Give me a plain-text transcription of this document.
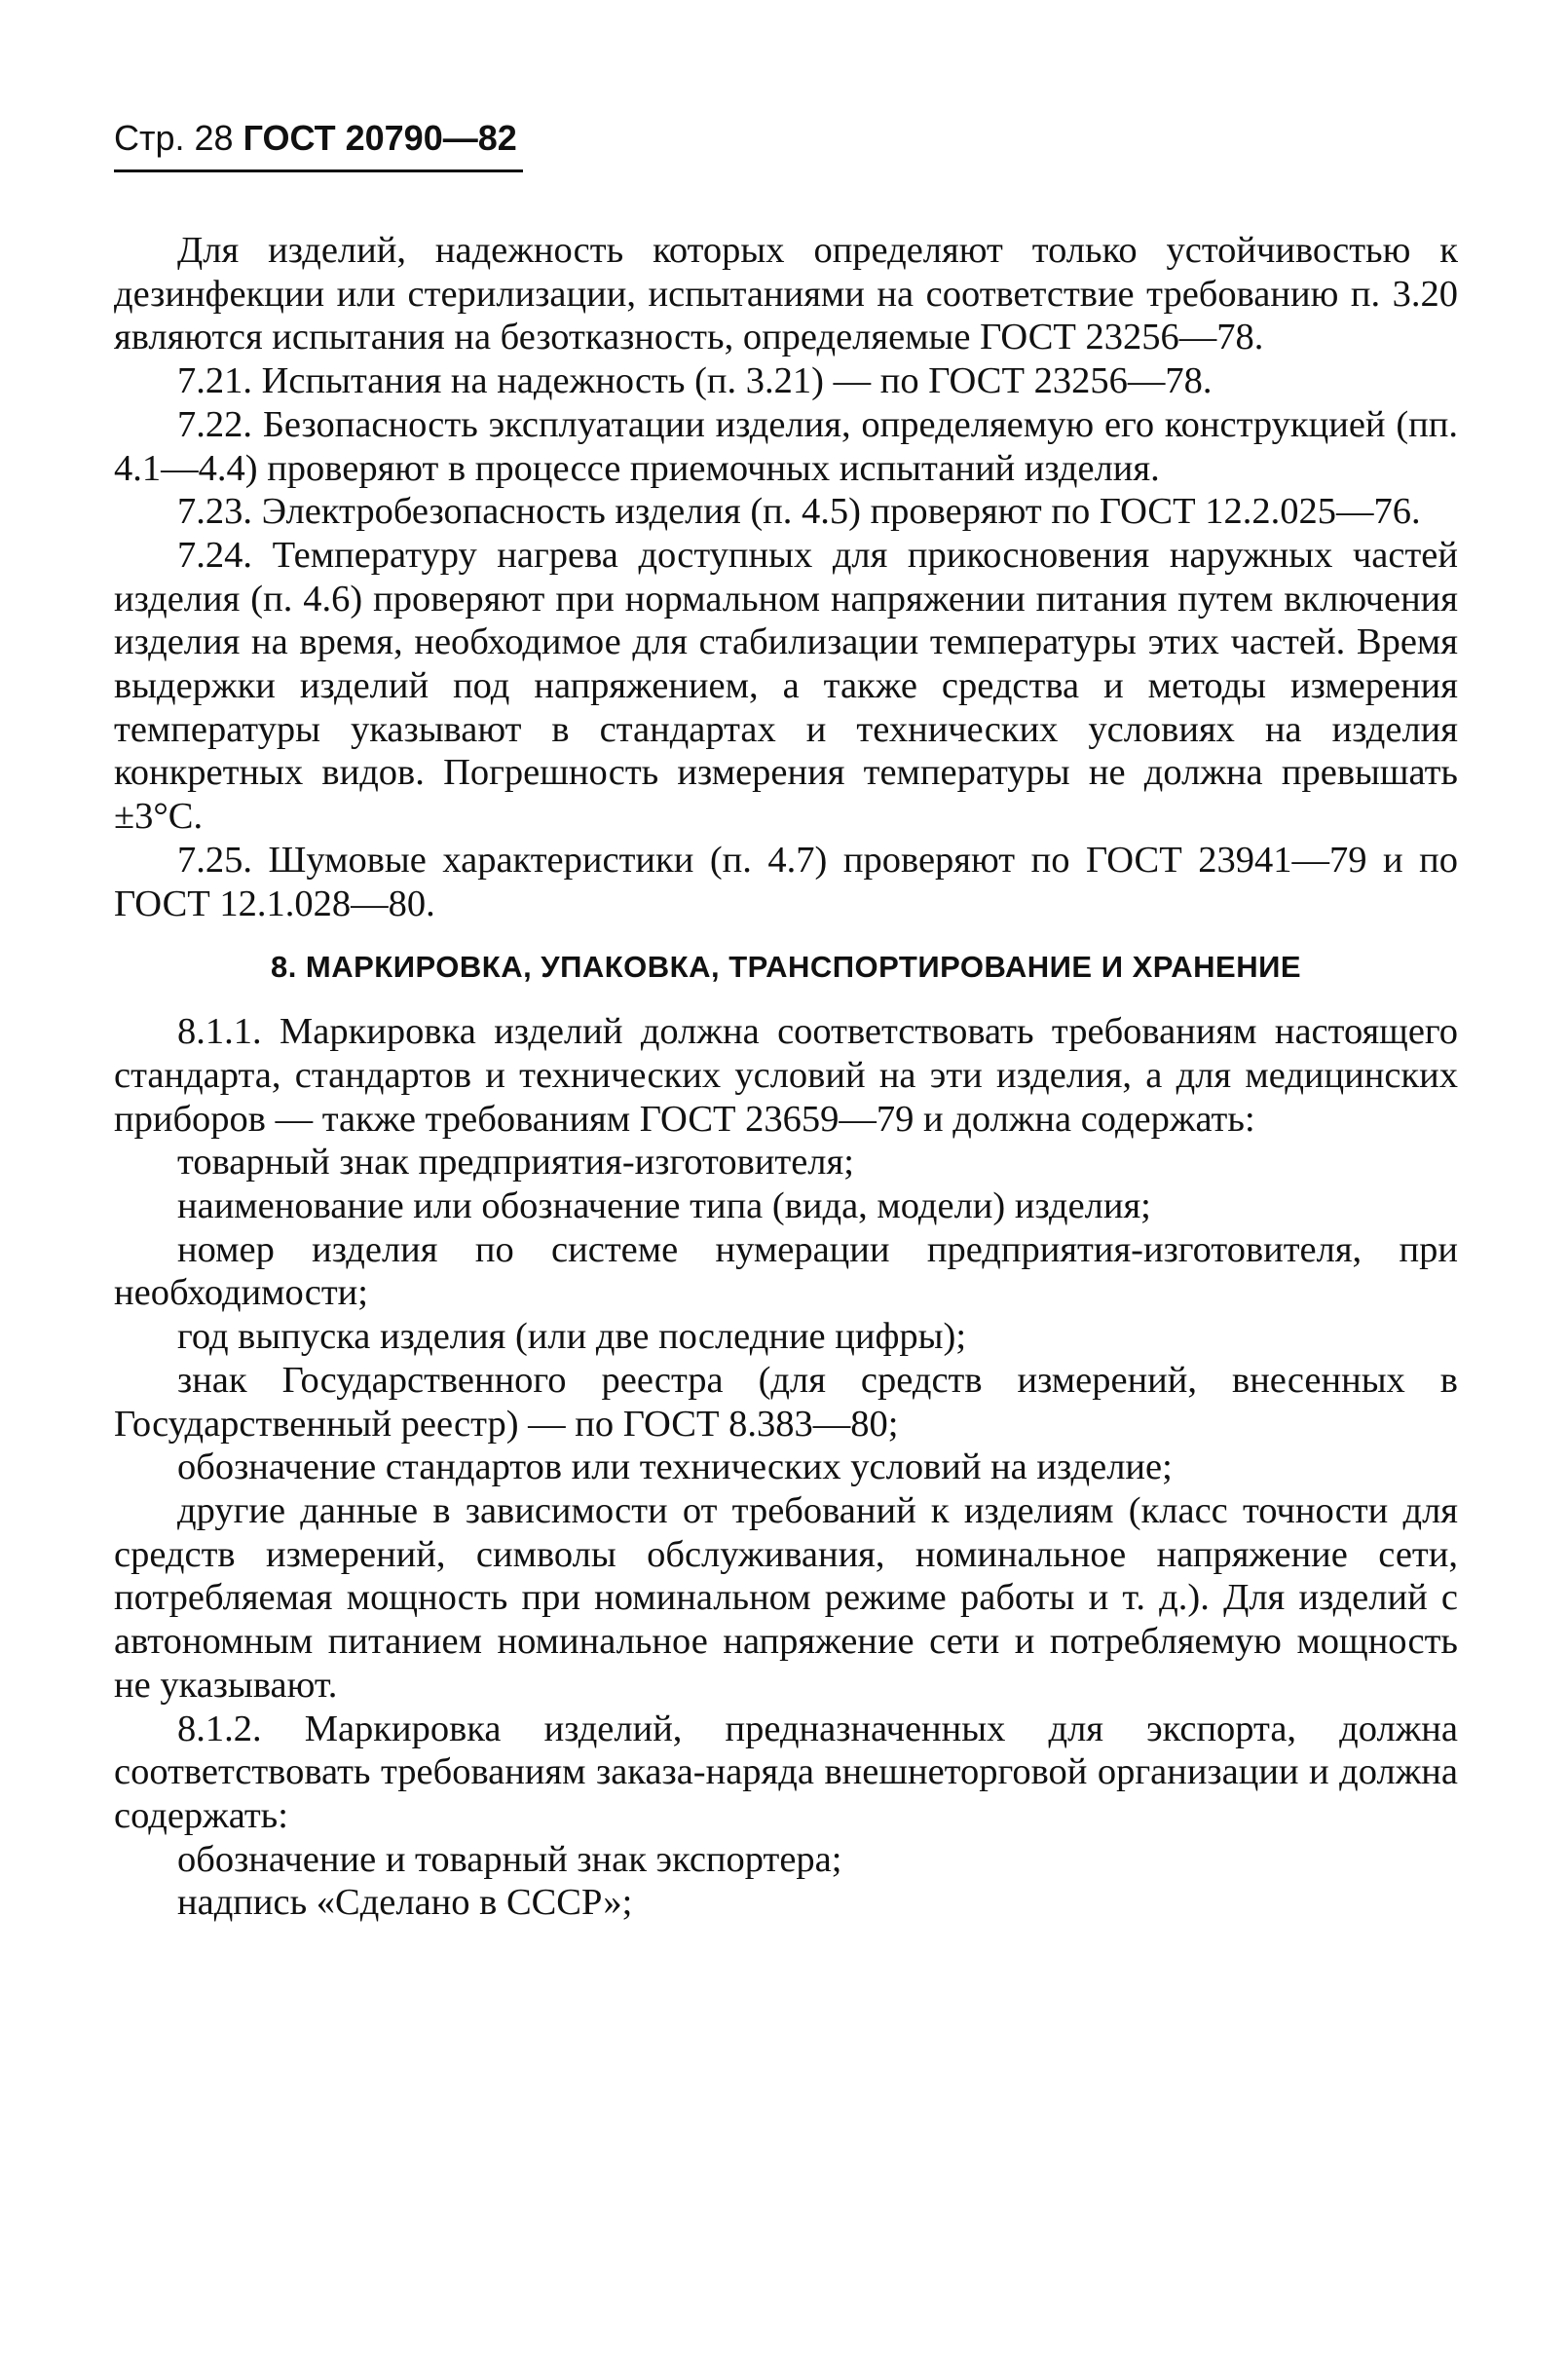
Стр. 28 ГОСТ 20790—82

Для изделий, надежность которых определяют только устойчивостью к дезинфекции или стерилизации, испытаниями на соответствие требованию п. 3.20 являются испытания на безотказность, определяемые ГОСТ 23256—78.

7.21. Испытания на надежность (п. 3.21) — по ГОСТ 23256—78.

7.22. Безопасность эксплуатации изделия, определяемую его конструкцией (пп. 4.1—4.4) проверяют в процессе приемочных испытаний изделия.

7.23. Электробезопасность изделия (п. 4.5) проверяют по ГОСТ 12.2.025—76.

7.24. Температуру нагрева доступных для прикосновения наружных частей изделия (п. 4.6) проверяют при нормальном напряжении питания путем включения изделия на время, необходимое для стабилизации температуры этих частей. Время выдержки изделий под напряжением, а также средства и методы измерения температуры указывают в стандартах и технических условиях на изделия конкретных видов. Погрешность измерения температуры не должна превышать ±3°С.

7.25. Шумовые характеристики (п. 4.7) проверяют по ГОСТ 23941—79 и по ГОСТ 12.1.028—80.

8. МАРКИРОВКА, УПАКОВКА, ТРАНСПОРТИРОВАНИЕ И ХРАНЕНИЕ

8.1.1. Маркировка изделий должна соответствовать требованиям настоящего стандарта, стандартов и технических условий на эти изделия, а для медицинских приборов — также требованиям ГОСТ 23659—79 и должна содержать:

товарный знак предприятия-изготовителя;

наименование или обозначение типа (вида, модели) изделия;

номер изделия по системе нумерации предприятия-изготовителя, при необходимости;

год выпуска изделия (или две последние цифры);

знак Государственного реестра (для средств измерений, внесенных в Государственный реестр) — по ГОСТ 8.383—80;

обозначение стандартов или технических условий на изделие;

другие данные в зависимости от требований к изделиям (класс точности для средств измерений, символы обслуживания, номинальное напряжение сети, потребляемая мощность при номинальном режиме работы и т. д.). Для изделий с автономным питанием номинальное напряжение сети и потребляемую мощность не указывают.

8.1.2. Маркировка изделий, предназначенных для экспорта, должна соответствовать требованиям заказа-наряда внешнеторговой организации и должна содержать:

обозначение и товарный знак экспортера;

надпись «Сделано в СССР»;
